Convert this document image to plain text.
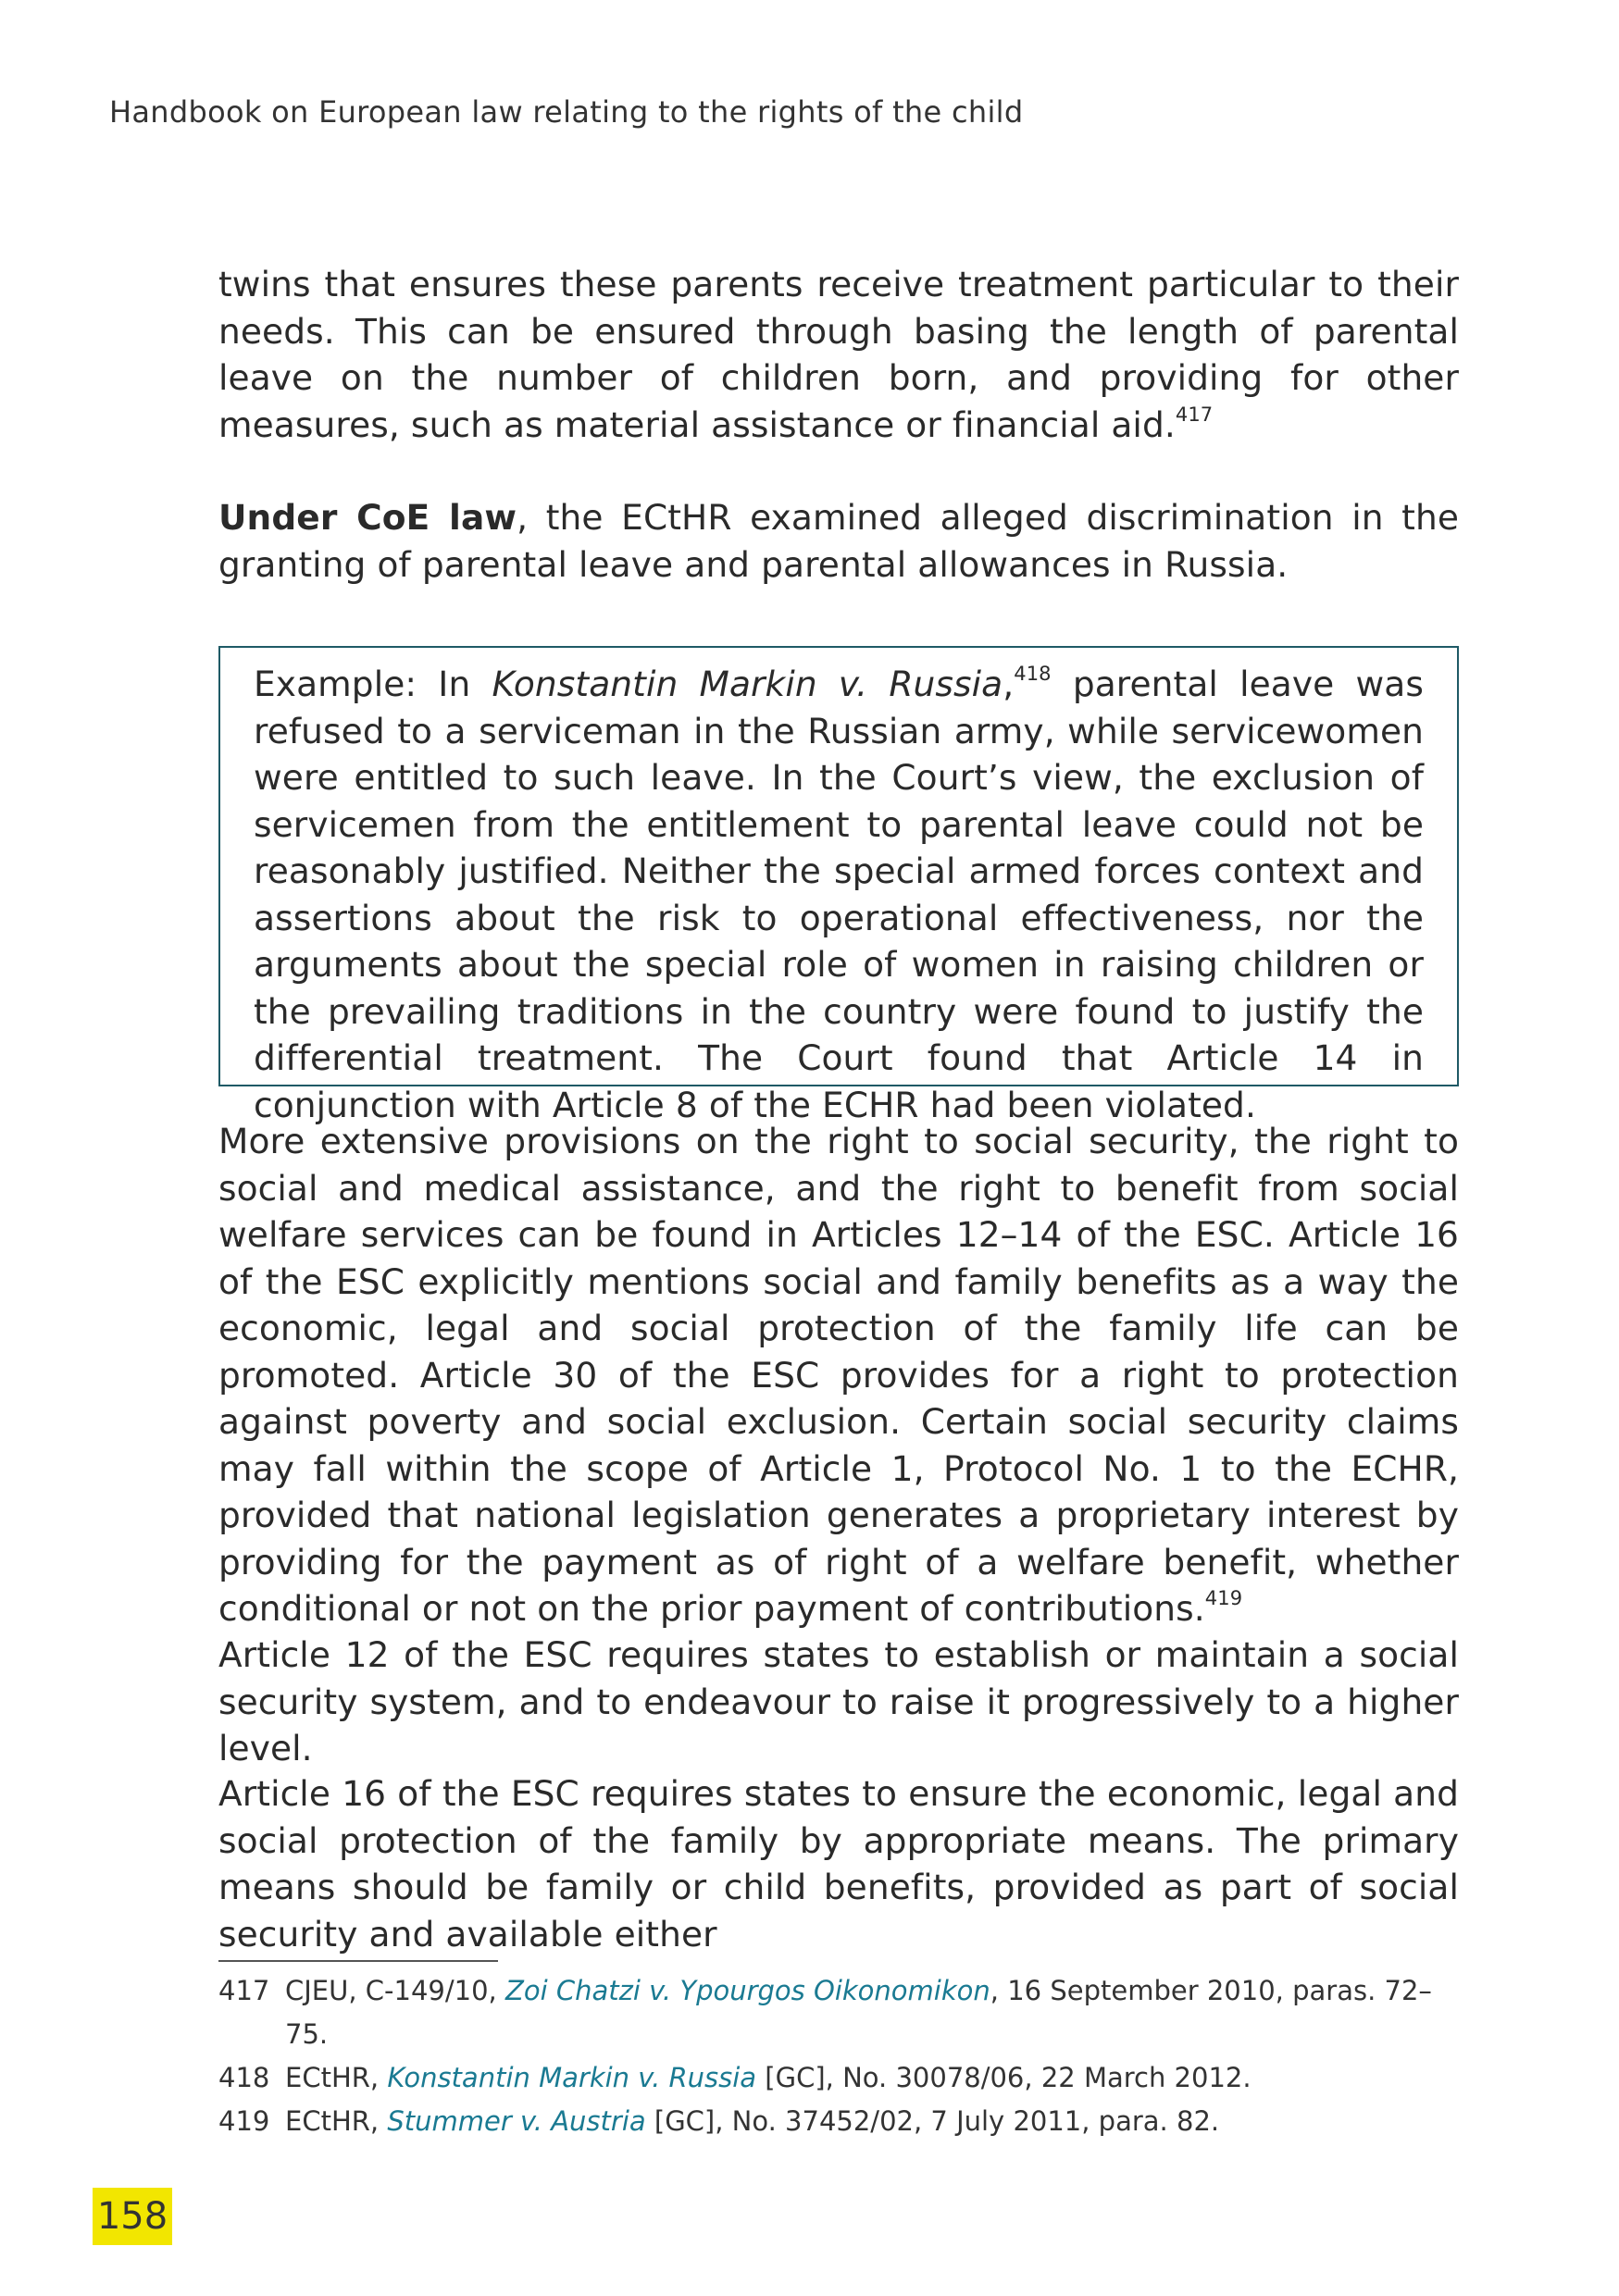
Handbook on European law relating to the rights of the child

twins that ensures these parents receive treatment particular to their needs. This can be ensured through basing the length of parental leave on the number of children born, and providing for other measures, such as material assistance or financial aid.$^{417}$

Under CoE law, the ECtHR examined alleged discrimination in the granting of parental leave and parental allowances in Russia.

Example: In Konstantin Markin v. Russia,$^{418}$ parental leave was refused to a serviceman in the Russian army, while servicewomen were entitled to such leave. In the Court’s view, the exclusion of servicemen from the entitlement to parental leave could not be reasonably justified. Neither the special armed forces context and assertions about the risk to operational effectiveness, nor the arguments about the special role of women in raising children or the prevailing traditions in the country were found to justify the differential treatment. The Court found that Article 14 in conjunction with Article 8 of the ECHR had been violated.

More extensive provisions on the right to social security, the right to social and medical assistance, and the right to benefit from social welfare services can be found in Articles 12–14 of the ESC. Article 16 of the ESC explicitly mentions social and family benefits as a way the economic, legal and social protection of the family life can be promoted. Article 30 of the ESC provides for a right to protection against poverty and social exclusion. Certain social security claims may fall within the scope of Article 1, Protocol No. 1 to the ECHR, provided that national legislation generates a proprietary interest by providing for the payment as of right of a welfare benefit, whether conditional or not on the prior payment of contributions.$^{419}$

Article 12 of the ESC requires states to establish or maintain a social security system, and to endeavour to raise it progressively to a higher level.

Article 16 of the ESC requires states to ensure the economic, legal and social protection of the family by appropriate means. The primary means should be family or child benefits, provided as part of social security and available either

417 CJEU, C-149/10, Zoi Chatzi v. Ypourgos Oikonomikon, 16 September 2010, paras. 72–75.
418 ECtHR, Konstantin Markin v. Russia [GC], No. 30078/06, 22 March 2012.
419 ECtHR, Stummer v. Austria [GC], No. 37452/02, 7 July 2011, para. 82.
158
